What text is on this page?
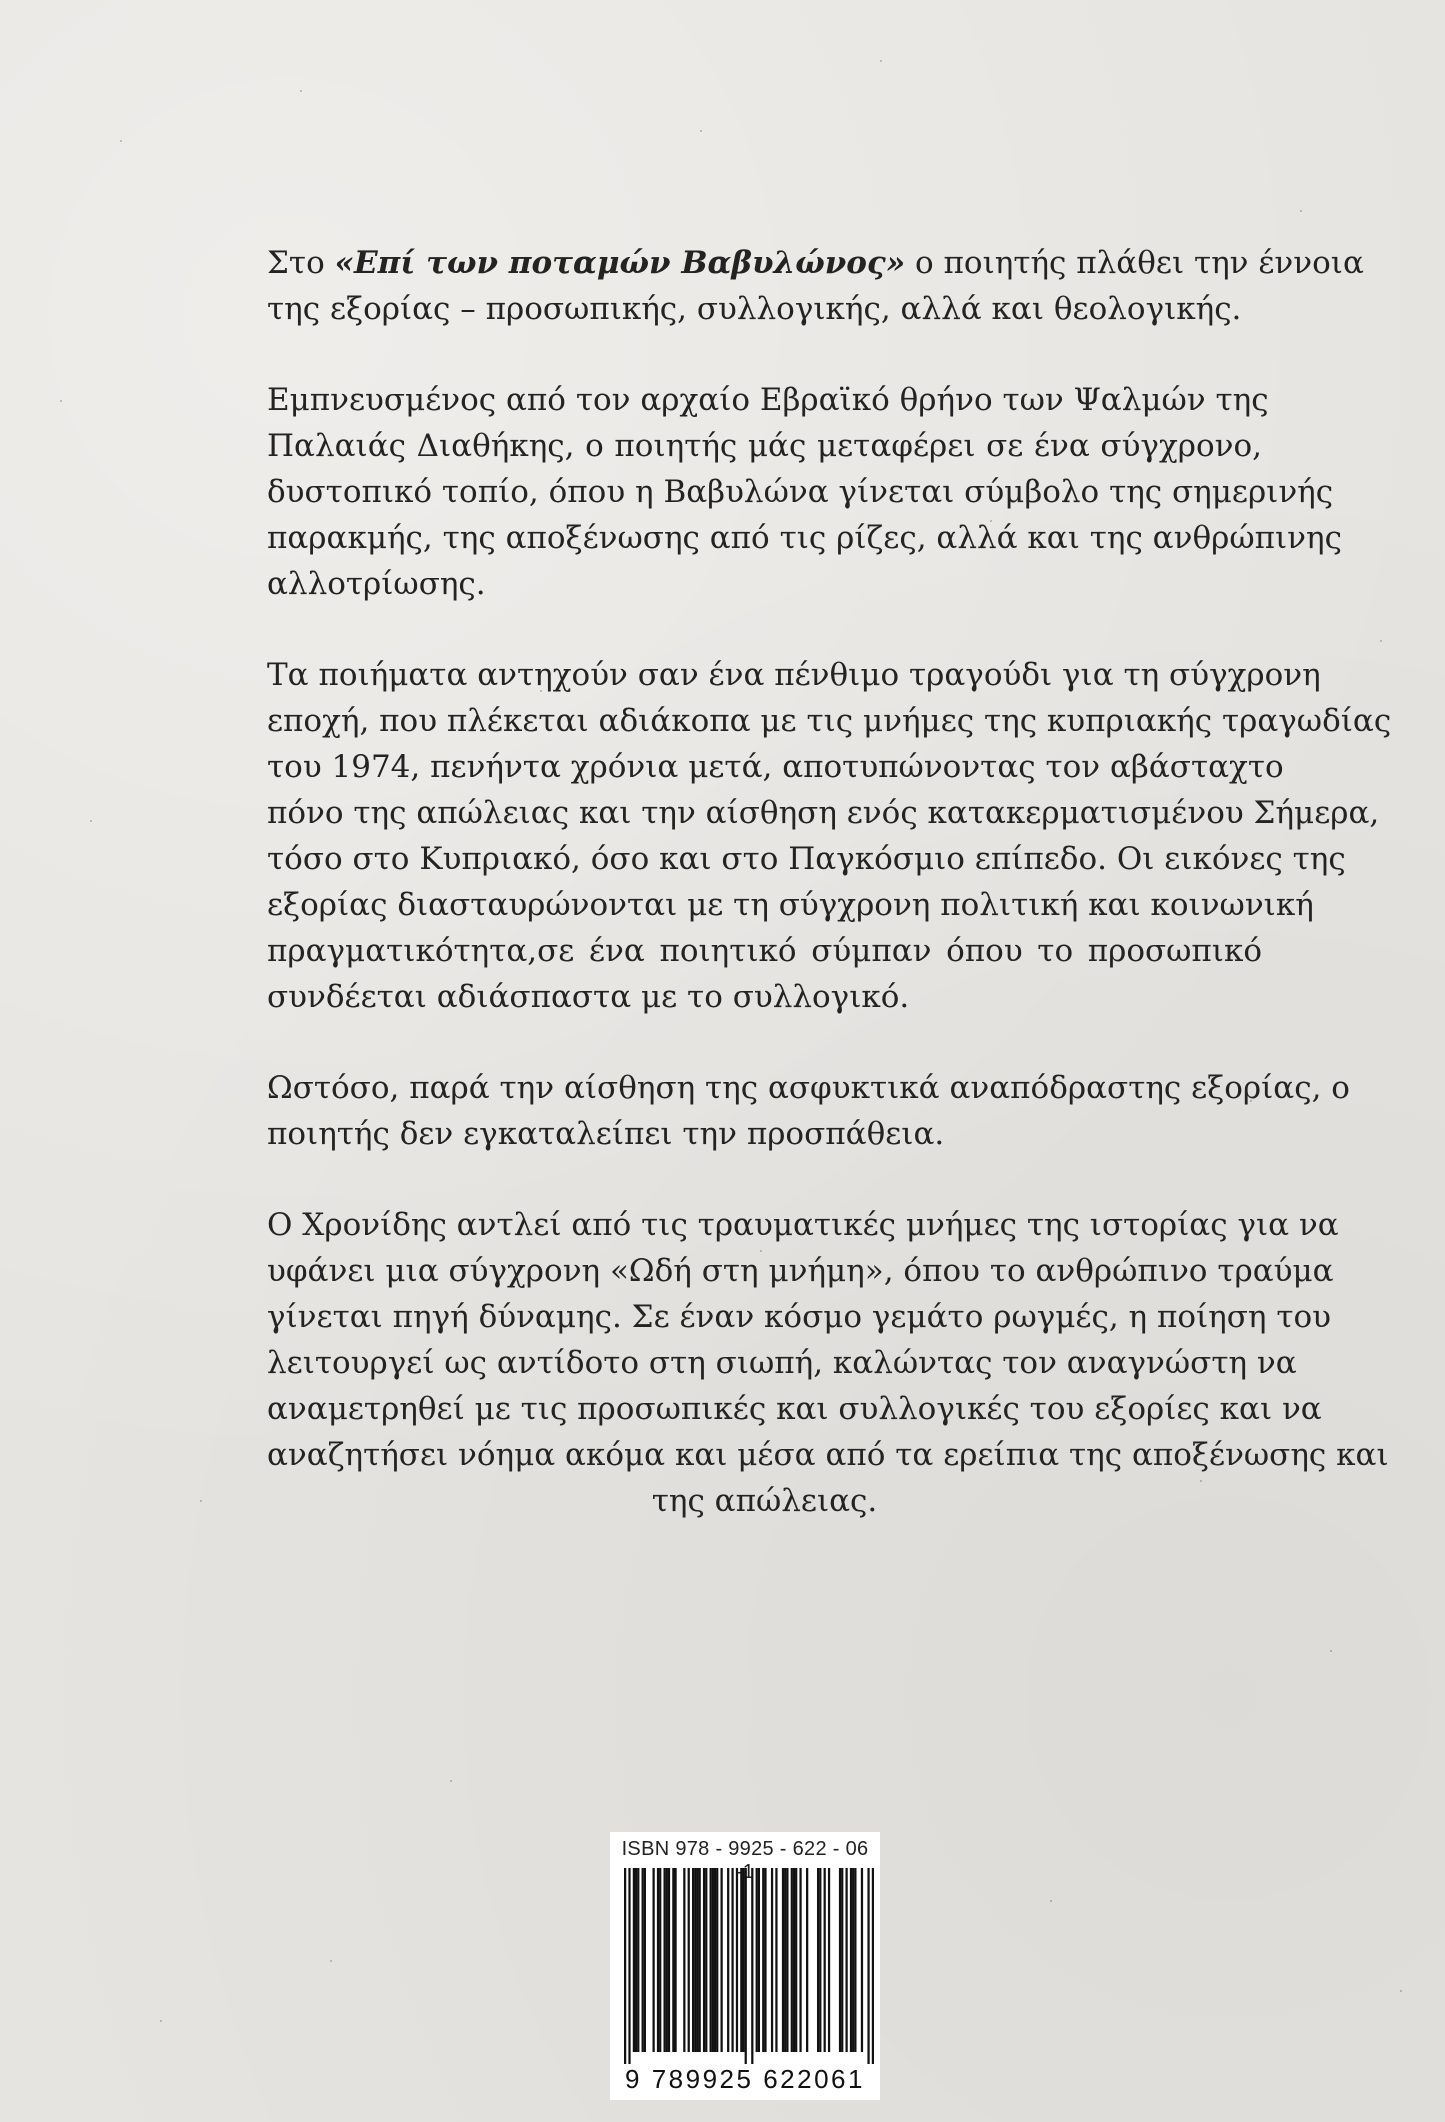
Στο «Επί των ποταμών Βαβυλώνος» ο ποιητής πλάθει την έννοια
της εξορίας – προσωπικής, συλλογικής, αλλά και θεολογικής.
Εμπνευσμένος από τον αρχαίο Εβραϊκό θρήνο των Ψαλμών της
Παλαιάς Διαθήκης, ο ποιητής μάς μεταφέρει σε ένα σύγχρονο,
δυστοπικό τοπίο, όπου η Βαβυλώνα γίνεται σύμβολο της σημερινής
παρακμής, της αποξένωσης από τις ρίζες, αλλά και της ανθρώπινης
αλλοτρίωσης.
Τα ποιήματα αντηχούν σαν ένα πένθιμο τραγούδι για τη σύγχρονη
εποχή, που πλέκεται αδιάκοπα με τις μνήμες της κυπριακής τραγωδίας
του 1974, πενήντα χρόνια μετά, αποτυπώνοντας τον αβάσταχτο
πόνο της απώλειας και την αίσθηση ενός κατακερματισμένου Σήμερα,
τόσο στο Κυπριακό, όσο και στο Παγκόσμιο επίπεδο. Οι εικόνες της
εξορίας διασταυρώνονται με τη σύγχρονη πολιτική και κοινωνική
πραγματικότητα,σε ένα ποιητικό σύμπαν όπου το προσωπικό
συνδέεται αδιάσπαστα με το συλλογικό.
Ωστόσο, παρά την αίσθηση της ασφυκτικά αναπόδραστης εξορίας, ο
ποιητής δεν εγκαταλείπει την προσπάθεια.
Ο Χρονίδης αντλεί από τις τραυματικές μνήμες της ιστορίας για να
υφάνει μια σύγχρονη «Ωδή στη μνήμη», όπου το ανθρώπινο τραύμα
γίνεται πηγή δύναμης. Σε έναν κόσμο γεμάτο ρωγμές, η ποίηση του
λειτουργεί ως αντίδοτο στη σιωπή, καλώντας τον αναγνώστη να
αναμετρηθεί με τις προσωπικές και συλλογικές του εξορίες και να
αναζητήσει νόημα ακόμα και μέσα από τα ερείπια της αποξένωσης και
της απώλειας.
ISBN 978 - 9925 - 622 - 06
9 789925 622061
